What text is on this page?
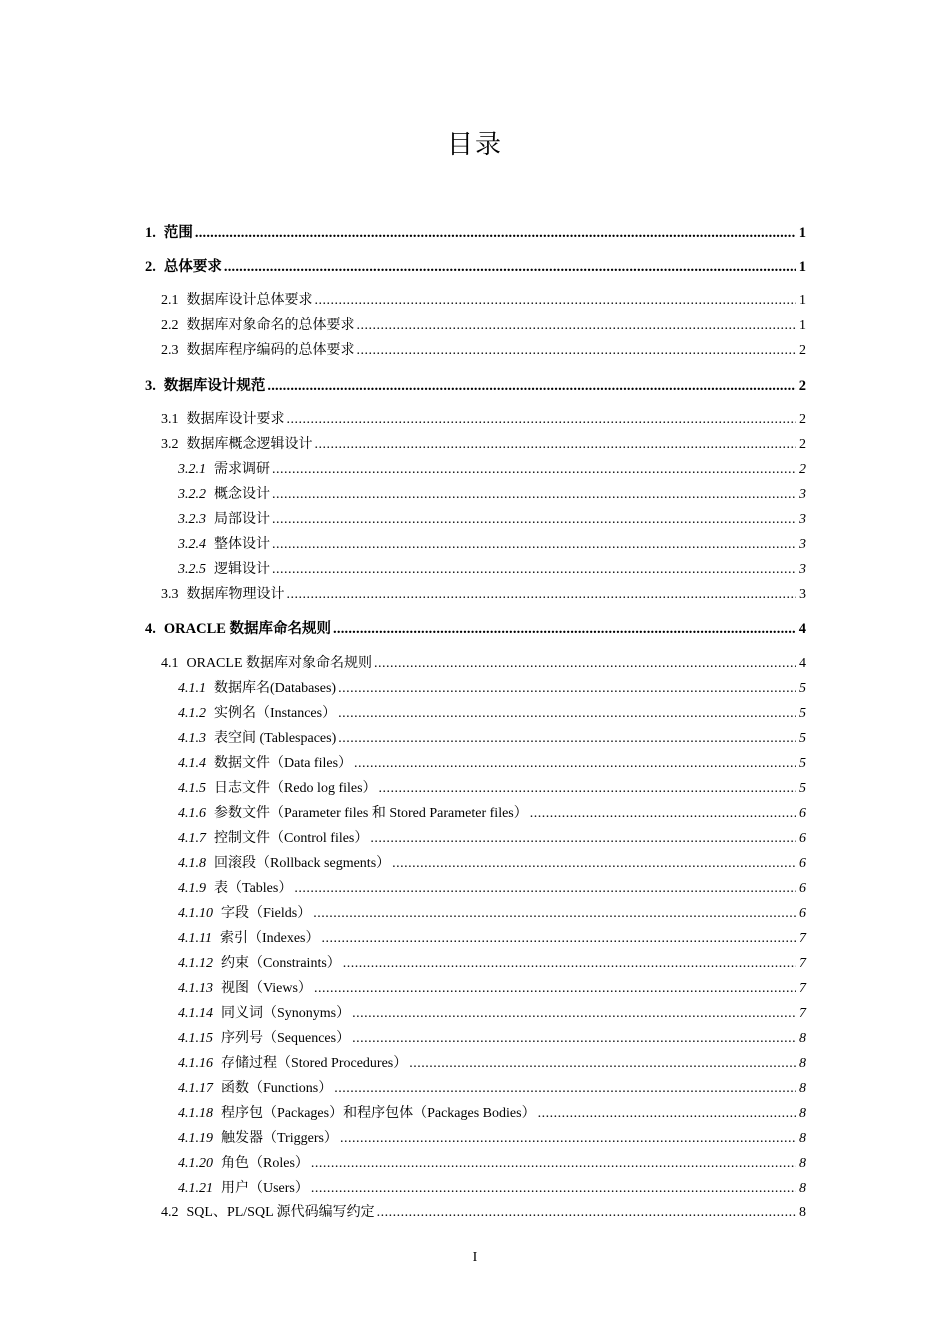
目录
1. 范围 .....	1
2. 总体要求 .....	1
2.1 数据库设计总体要求 .....	1
2.2 数据库对象命名的总体要求 .....	1
2.3 数据库程序编码的总体要求 .....	2
3. 数据库设计规范 .....	2
3.1 数据库设计要求 .....	2
3.2 数据库概念逻辑设计 .....	2
3.2.1 需求调研 .....	2
3.2.2 概念设计 .....	3
3.2.3 局部设计 .....	3
3.2.4 整体设计 .....	3
3.2.5 逻辑设计 .....	3
3.3 数据库物理设计 .....	3
4. ORACLE 数据库命名规则 .....	4
4.1 ORACLE 数据库对象命名规则 .....	4
4.1.1 数据库名(Databases) .....	5
4.1.2 实例名（Instances） .....	5
4.1.3 表空间 (Tablespaces) .....	5
4.1.4 数据文件（Data files） .....	5
4.1.5 日志文件（Redo log files） .....	5
4.1.6 参数文件（Parameter files 和 Stored Parameter files） .....	6
4.1.7 控制文件（Control files） .....	6
4.1.8 回滚段（Rollback segments） .....	6
4.1.9 表（Tables） .....	6
4.1.10 字段（Fields） .....	6
4.1.11 索引（Indexes） .....	7
4.1.12 约束（Constraints） .....	7
4.1.13 视图（Views） .....	7
4.1.14 同义词（Synonyms） .....	7
4.1.15 序列号（Sequences） .....	8
4.1.16 存储过程（Stored Procedures） .....	8
4.1.17 函数（Functions） .....	8
4.1.18 程序包（Packages）和程序包体（Packages Bodies） .....	8
4.1.19 触发器（Triggers） .....	8
4.1.20 角色（Roles） .....	8
4.1.21 用户（Users） .....	8
4.2 SQL、PL/SQL 源代码编写约定 .....	8
I
